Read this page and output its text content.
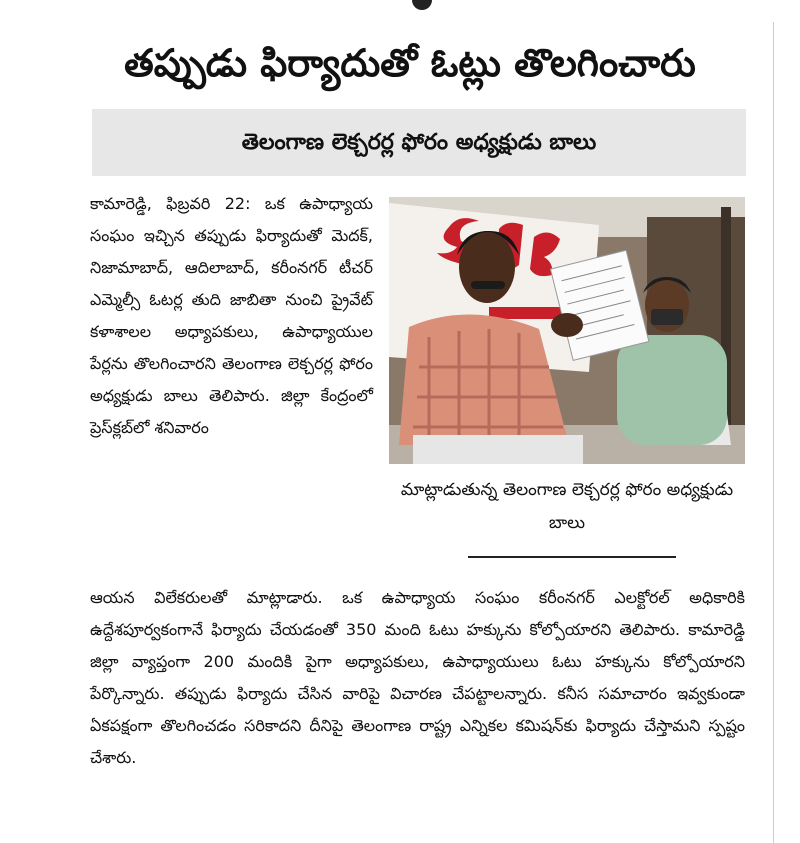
తప్పుడు ఫిర్యాదుతో ఓట్లు తొలగించారు
తెలంగాణ లెక్చరర్ల ఫోరం అధ్యక్షుడు బాలు

కామారెడ్డి, ఫిబ్రవరి 22: ఒక ఉపాధ్యాయ సంఘం ఇచ్చిన తప్పుడు ఫిర్యాదుతో మెదక్, నిజామాబాద్, ఆదిలాబాద్, కరీంనగర్ టీచర్ ఎమ్మెల్సీ ఓటర్ల తుది జాబితా నుంచి ప్రైవేట్ కళాశాలల అధ్యాపకులు, ఉపాధ్యాయుల పేర్లను తొలగించారని తెలంగాణ లెక్చరర్ల ఫోరం అధ్యక్షుడు బాలు తెలిపారు. జిల్లా కేంద్రంలో ప్రెస్‌క్లబ్‌లో శనివారం

మాట్లాడుతున్న తెలంగాణ లెక్చరర్ల ఫోరం అధ్యక్షుడు బాలు

ఆయన విలేకరులతో మాట్లాడారు. ఒక ఉపాధ్యాయ సంఘం కరీంనగర్ ఎలక్టోరల్ అధికారికి ఉద్దేశపూర్వకంగానే ఫిర్యాదు చేయడంతో 350 మంది ఓటు హక్కును కోల్పోయారని తెలిపారు. కామారెడ్డి జిల్లా వ్యాప్తంగా 200 మందికి పైగా అధ్యాపకులు, ఉపాధ్యాయులు ఓటు హక్కును కోల్పోయారని పేర్కొన్నారు. తప్పుడు ఫిర్యాదు చేసిన వారిపై విచారణ చేపట్టాలన్నారు. కనీస సమాచారం ఇవ్వకుండా ఏకపక్షంగా తొలగించడం సరికాదని దీనిపై తెలంగాణ రాష్ట్ర ఎన్నికల కమిషన్‌కు ఫిర్యాదు చేస్తామని స్పష్టం చేశారు.
